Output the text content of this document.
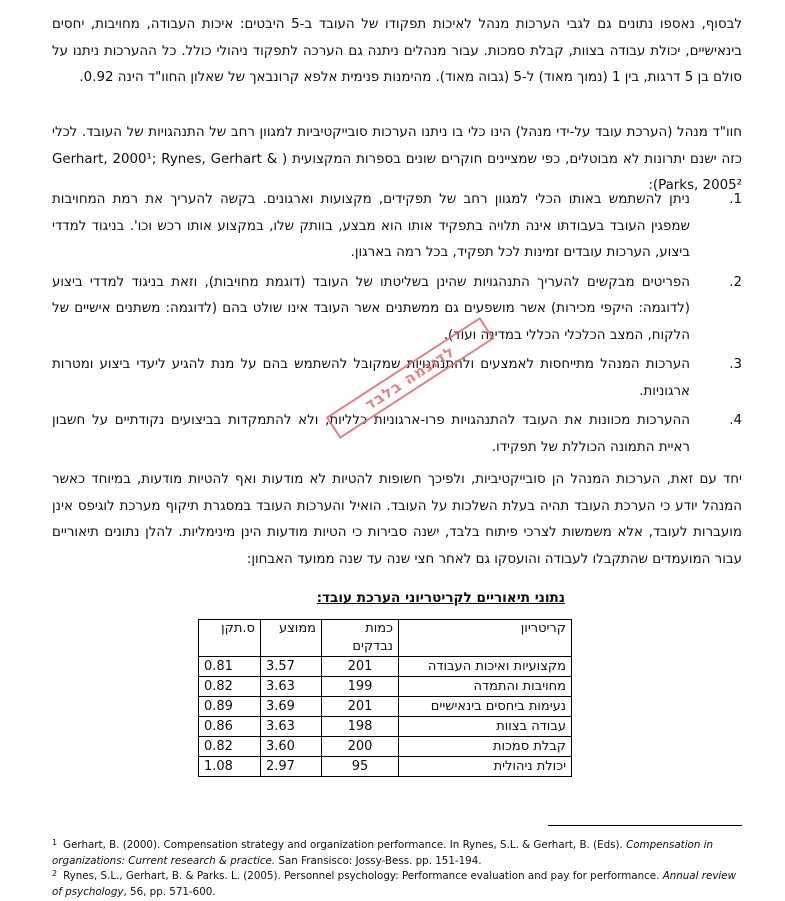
לבסוף, נאספו נתונים גם לגבי הערכות מנהל לאיכות תפקודו של העובד ב-5 היבטים: איכות העבודה, מחויבות, יחסים בינאישיים, יכולת עבודה בצוות, קבלת סמכות. עבור מנהלים ניתנה גם הערכה לתפקוד ניהולי כולל. כל ההערכות ניתנו על סולם בן 5 דרגות, בין 1 (נמוך מאוד) ל-5 (גבוה מאוד). מהימנות פנימית אלפא קרונבאך של שאלון החוו"ד הינה 0.92.

חוו"ד מנהל (הערכת עובד על-ידי מנהל) הינו כלי בו ניתנו הערכות סובייקטיביות למגוון רחב של התנהגויות של העובד. לכלי כזה ישנם יתרונות לא מבוטלים, כפי שמציינים חוקרים שונים בספרות המקצועית ( Gerhart, 2000¹; Rynes, Gerhart & Parks, 2005²):

1.
ניתן להשתמש באותו הכלי למגוון רחב של תפקידים, מקצועות וארגונים. בקשה להעריך את רמת המחויבות שמפגין העובד בעבודתו אינה תלויה בתפקיד אותו הוא מבצע, בוותק שלו, במקצוע אותו רכש וכו'. בניגוד למדדי ביצוע, הערכות עובדים זמינות לכל תפקיד, בכל רמה בארגון.
2.
הפריטים מבקשים להעריך התנהגויות שהינן בשליטתו של העובד (דוגמת מחויבות), וזאת בניגוד למדדי ביצוע (לדוגמה: היקפי מכירות) אשר מושפעים גם ממשתנים אשר העובד אינו שולט בהם (לדוגמה: משתנים אישיים של הלקוח, המצב הכלכלי הכללי במדינה ועוד).
3.
הערכות המנהל מתייחסות לאמצעים ולהתנהגויות שמקובל להשתמש בהם על מנת להגיע ליעדי ביצוע ומטרות ארגוניות.
4.
ההערכות מכוונות את העובד להתנהגויות פרו-ארגוניות כלליות, ולא להתמקדות בביצועים נקודתיים על חשבון ראיית התמונה הכוללת של תפקידו.

יחד עם זאת, הערכות המנהל הן סובייקטיביות, ולפיכך חשופות להטיות לא מודעות ואף להטיות מודעות, במיוחד כאשר המנהל יודע כי הערכת העובד תהיה בעלת השלכות על העובד. הואיל והערכות העובד במסגרת תיקוף מערכת לוגיפס אינן מועברות לעובד, אלא משמשות לצרכי פיתוח בלבד, ישנה סבירות כי הטיות מודעות הינן מינימליות. להלן נתונים תיאוריים עבור המועמדים שהתקבלו לעבודה והועסקו גם לאחר חצי שנה עד שנה ממועד האבחון:

לדוגמה בלבד
נתוני תיאוריים לקריטריוני הערכת עובד:
קריטריון	כמות נבדקים	ממוצע	ס.תקן
מקצועיות ואיכות העבודה	201	3.57	0.81
מחויבות והתמדה	199	3.63	0.82
נעימות ביחסים בינאישיים	201	3.69	0.89
עבודה בצוות	198	3.63	0.86
קבלת סמכות	200	3.60	0.82
יכולת ניהולית	95	2.97	1.08
$^1$ Gerhart, B. (2000). Compensation strategy and organization performance. In Rynes, S.L. & Gerhart, B. (Eds). Compensation in organizations: Current research & practice. San Fransisco: Jossy-Bess. pp. 151-194.
$^2$ Rynes, S.L., Gerhart, B. & Parks. L. (2005). Personnel psychology: Performance evaluation and pay for performance. Annual review of psychology, 56, pp. 571-600.
